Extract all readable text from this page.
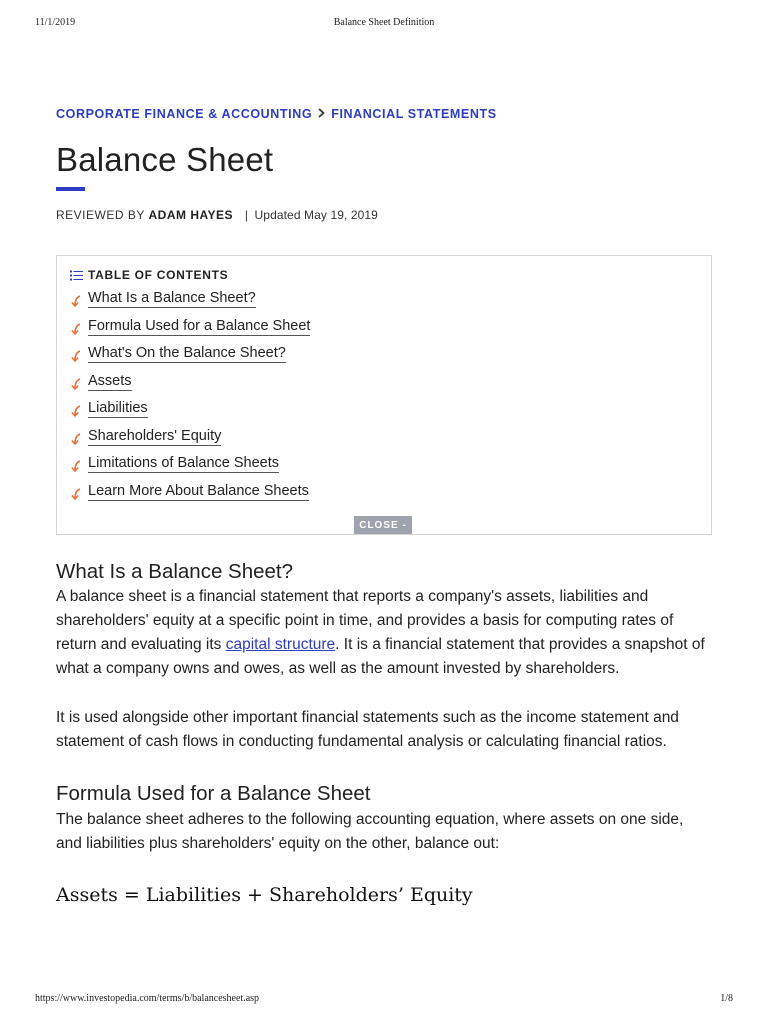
11/1/2019	Balance Sheet Definition
CORPORATE FINANCE & ACCOUNTING FINANCIAL STATEMENTS
Balance Sheet
REVIEWED BY ADAM HAYES | Updated May 19, 2019
TABLE OF CONTENTS
What Is a Balance Sheet?
Formula Used for a Balance Sheet
What's On the Balance Sheet?
Assets
Liabilities
Shareholders' Equity
Limitations of Balance Sheets
Learn More About Balance Sheets
CLOSE -
What Is a Balance Sheet?

A balance sheet is a financial statement that reports a company's assets, liabilities and shareholders' equity at a specific point in time, and provides a basis for computing rates of return and evaluating its capital structure. It is a financial statement that provides a snapshot of what a company owns and owes, as well as the amount invested by shareholders.

It is used alongside other important financial statements such as the income statement and statement of cash flows in conducting fundamental analysis or calculating financial ratios.

Formula Used for a Balance Sheet

The balance sheet adheres to the following accounting equation, where assets on one side, and liabilities plus shareholders' equity on the other, balance out:

Assets = Liabilities + Shareholders’ Equity
https://www.investopedia.com/terms/b/balancesheet.asp	1/8
